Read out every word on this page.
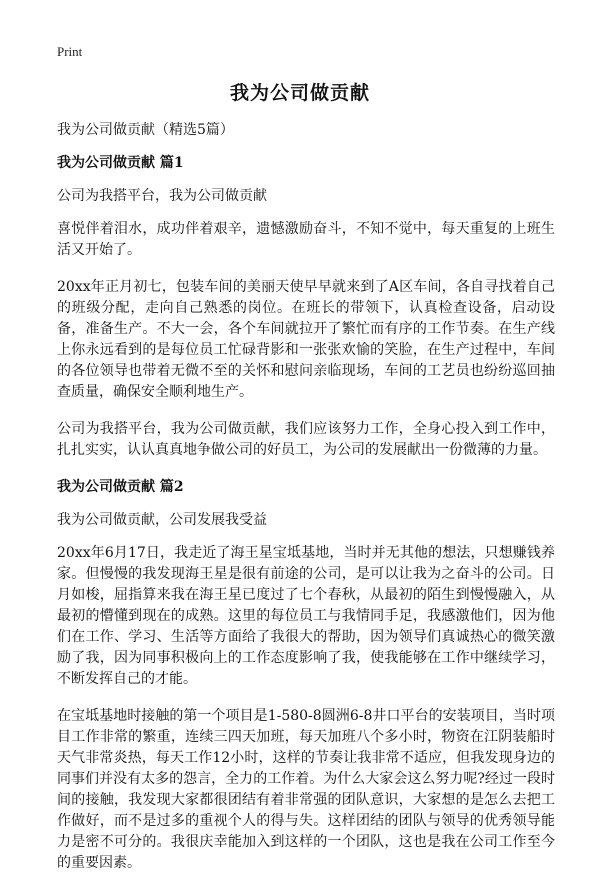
Print
我为公司做贡献

我为公司做贡献（精选5篇）

我为公司做贡献 篇1

公司为我搭平台，我为公司做贡献

喜悦伴着泪水，成功伴着艰辛，遗憾激励奋斗，不知不觉中，每天重复的上班生活又开始了。

20xx年正月初七，包装车间的美丽天使早早就来到了A区车间，各自寻找着自己的班级分配，走向自己熟悉的岗位。在班长的带领下，认真检查设备，启动设备，准备生产。不大一会，各个车间就拉开了繁忙而有序的工作节奏。在生产线上你永远看到的是每位员工忙碌背影和一张张欢愉的笑脸，在生产过程中，车间的各位领导也带着无微不至的关怀和慰问亲临现场，车间的工艺员也纷纷巡回抽查质量，确保安全顺利地生产。

公司为我搭平台，我为公司做贡献，我们应该努力工作，全身心投入到工作中，扎扎实实，认认真真地争做公司的好员工，为公司的发展献出一份微薄的力量。

我为公司做贡献 篇2

我为公司做贡献，公司发展我受益

20xx年6月17日，我走近了海王星宝坻基地，当时并无其他的想法，只想赚钱养家。但慢慢的我发现海王星是很有前途的公司，是可以让我为之奋斗的公司。日月如梭，屈指算来我在海王星已度过了七个春秋，从最初的陌生到慢慢融入，从最初的懵懂到现在的成熟。这里的每位员工与我情同手足，我感激他们，因为他们在工作、学习、生活等方面给了我很大的帮助，因为领导们真诚热心的微笑激励了我，因为同事积极向上的工作态度影响了我，使我能够在工作中继续学习，不断发挥自己的才能。

在宝坻基地时接触的第一个项目是1-580-8圆洲6-8井口平台的安装项目，当时项目工作非常的繁重，连续三四天加班，每天加班八个多小时，物资在江阴装船时天气非常炎热，每天工作12小时，这样的节奏让我非常不适应，但我发现身边的同事们并没有太多的怨言，全力的工作着。为什么大家会这么努力呢?经过一段时间的接触，我发现大家都很团结有着非常强的团队意识，大家想的是怎么去把工作做好，而不是过多的重视个人的得与失。这样团结的团队与领导的优秀领导能力是密不可分的。我很庆幸能加入到这样的一个团队，这也是我在公司工作至今的重要因素。
